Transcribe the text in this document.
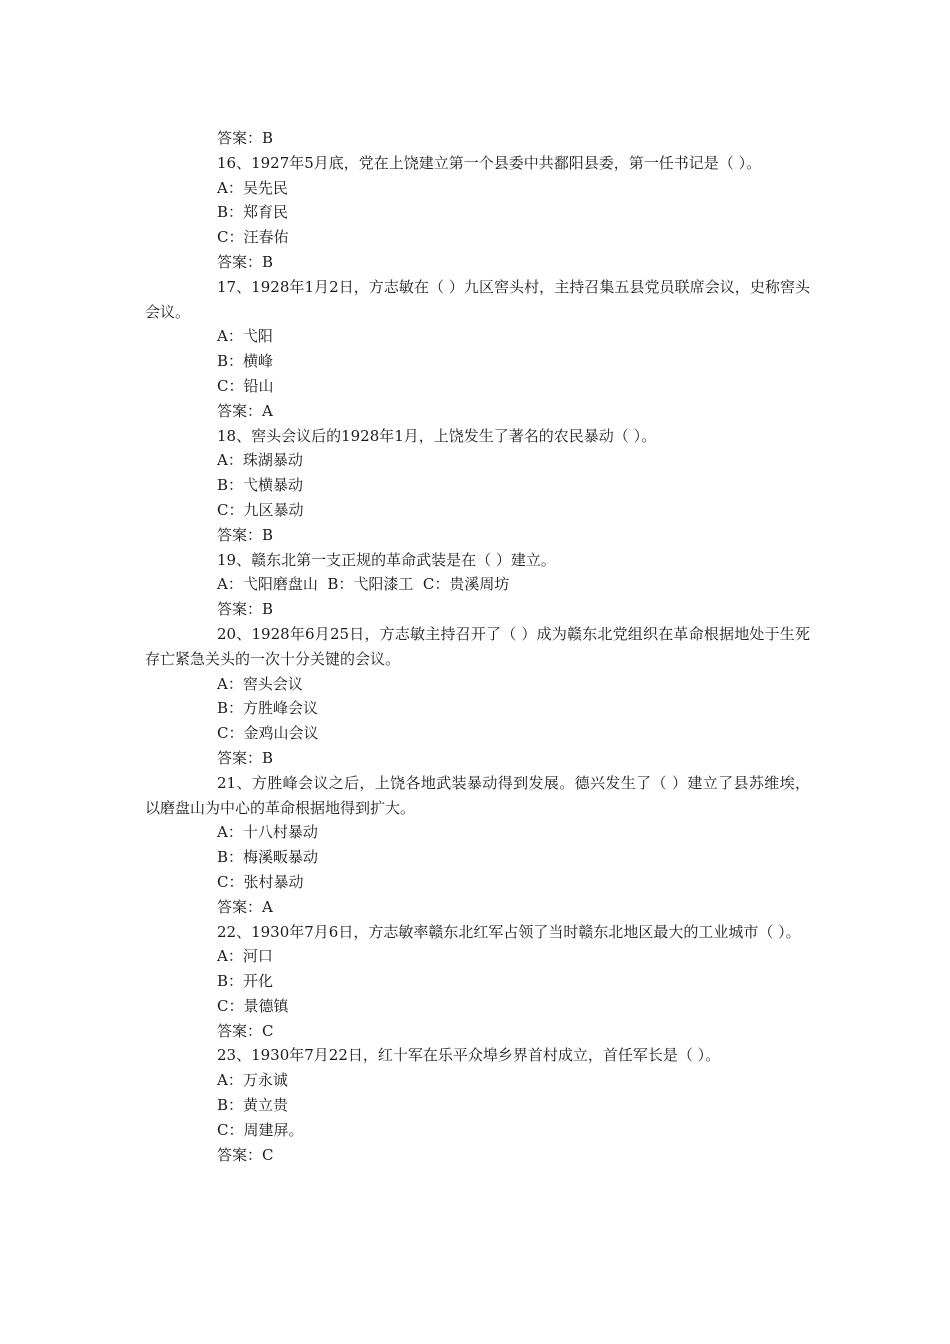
答案：B

16、1927年5月底，党在上饶建立第一个县委中共鄱阳县委，第一任书记是（ ）。

A：吴先民

B：郑育民

C：汪春佑

答案：B

17、1928年1月2日，方志敏在（ ）九区窖头村，主持召集五县党员联席会议，史称窖头会议。

A：弋阳

B：横峰

C：铅山

答案：A

18、窖头会议后的1928年1月，上饶发生了著名的农民暴动（ ）。

A：珠湖暴动

B：弋横暴动

C：九区暴动

答案：B

19、赣东北第一支正规的革命武装是在（ ）建立。

A：弋阳磨盘山  B：弋阳漆工  C：贵溪周坊

答案：B

20、1928年6月25日，方志敏主持召开了（ ）成为赣东北党组织在革命根据地处于生死存亡紧急关头的一次十分关键的会议。

A：窖头会议

B：方胜峰会议

C：金鸡山会议

答案：B

21、方胜峰会议之后，上饶各地武装暴动得到发展。德兴发生了（ ）建立了县苏维埃，以磨盘山为中心的革命根据地得到扩大。

A：十八村暴动

B：梅溪畈暴动

C：张村暴动

答案：A

22、1930年7月6日，方志敏率赣东北红军占领了当时赣东北地区最大的工业城市（ ）。

A：河口

B：开化

C：景德镇

答案：C

23、1930年7月22日，红十军在乐平众埠乡界首村成立，首任军长是（ ）。

A：万永诚

B：黄立贵

C：周建屏。

答案：C
